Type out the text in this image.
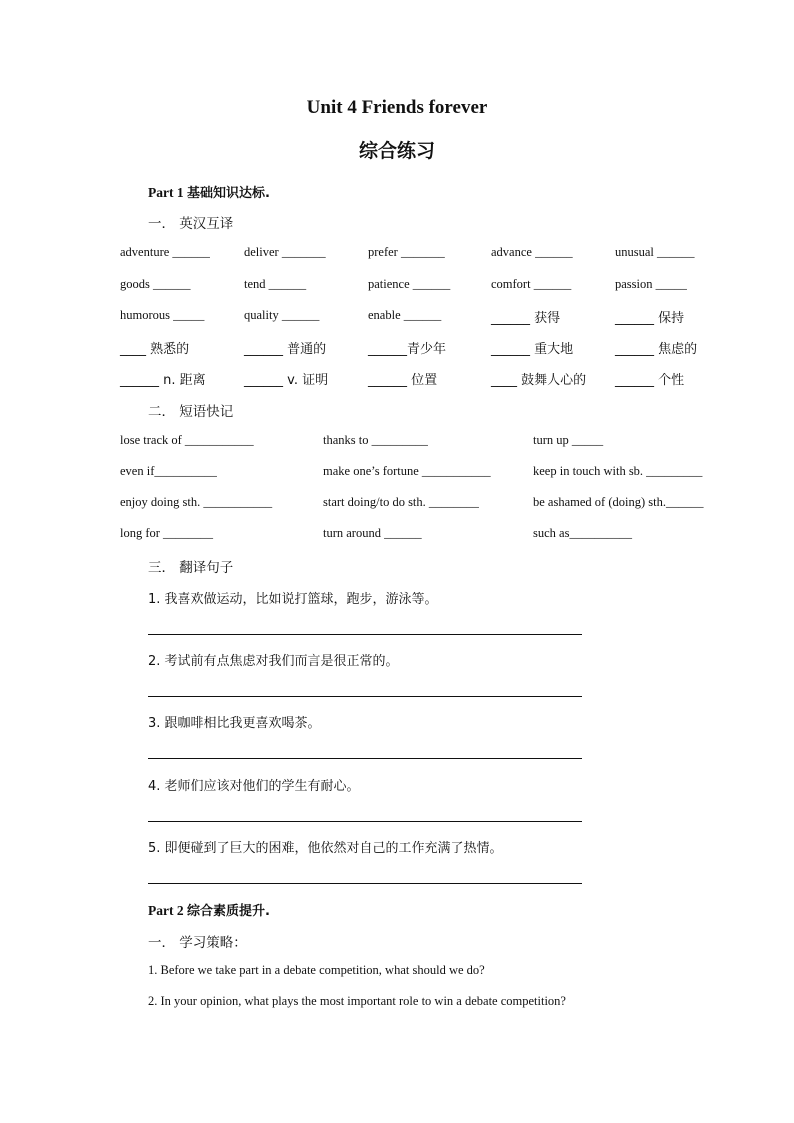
Unit 4 Friends forever
综合练习
Part 1 基础知识达标.
一． 英汉互译
adventure ______	deliver _______	prefer _______	advance ______	unusual ______
goods ______	tend ______	patience ______	comfort ______	passion _____
humorous _____	quality ______	enable ______	______ 获得	______ 保持
____ 熟悉的	______ 普通的	______青少年	______ 重大地	______ 焦虑的
______ n. 距离	______ v. 证明	______ 位置	____ 鼓舞人心的 ______ 个性
二． 短语快记
lose track of ___________	thanks to _________	turn up _____
even if__________	make one’s fortune ___________	keep in touch with sb. _________
enjoy doing sth. ___________	start doing/to do sth. ________	be ashamed of (doing) sth.______
long for ________	turn around ______	such as__________
三． 翻译句子
1. 我喜欢做运动，比如说打篮球，跑步，游泳等。
2. 考试前有点焦虑对我们而言是很正常的。
3. 跟咖啡相比我更喜欢喝茶。
4. 老师们应该对他们的学生有耐心。
5. 即便碰到了巨大的困难，他依然对自己的工作充满了热情。
Part 2 综合素质提升.
一． 学习策略：
1. Before we take part in a debate competition, what should we do?
2. In your opinion, what plays the most important role to win a debate competition?
